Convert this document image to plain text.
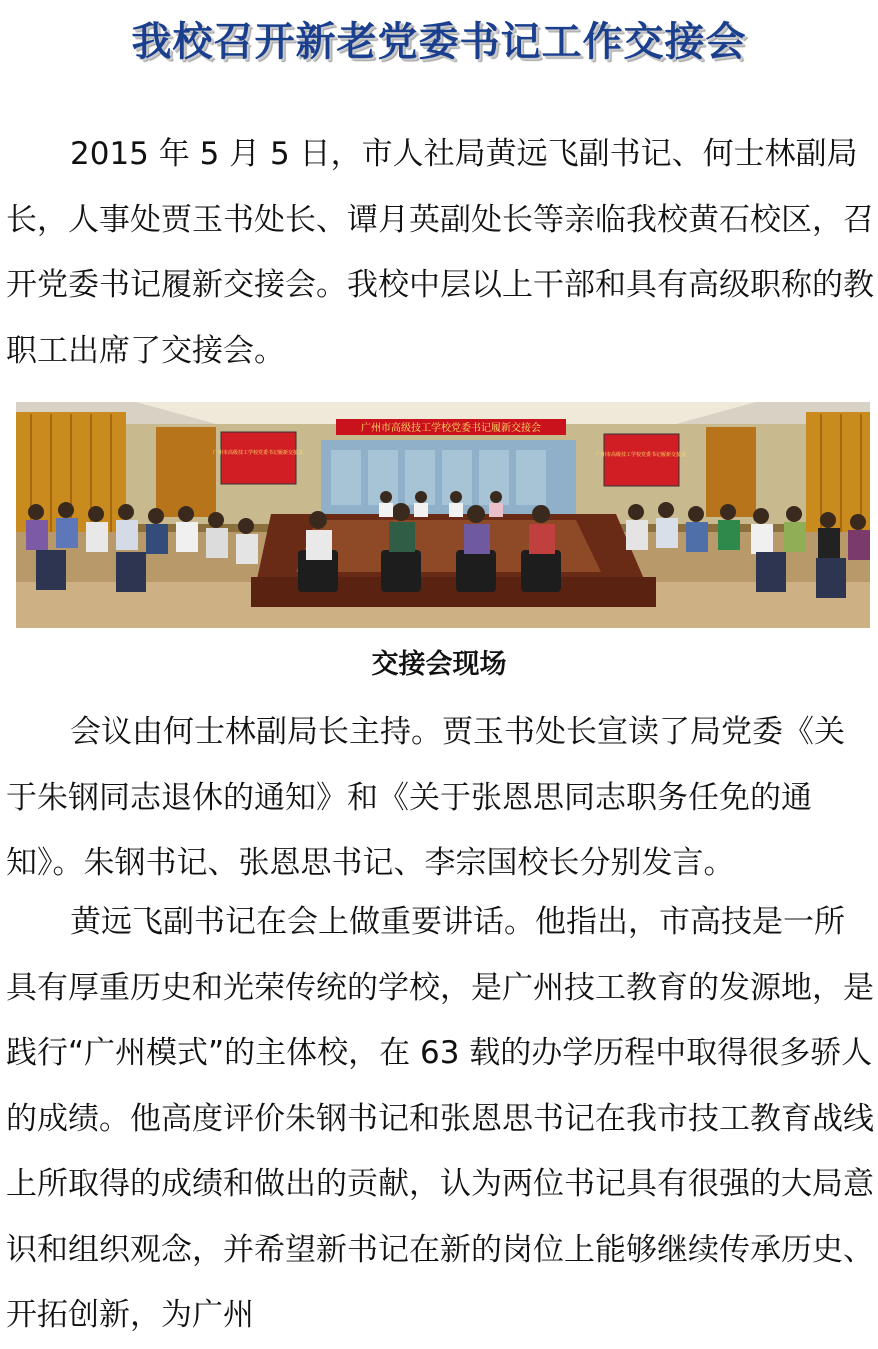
我校召开新老党委书记工作交接会

2015 年 5 月 5 日，市人社局黄远飞副书记、何士林副局长，人事处贾玉书处长、谭月英副处长等亲临我校黄石校区，召开党委书记履新交接会。我校中层以上干部和具有高级职称的教职工出席了交接会。

广州市高级技工学校党委书记履新交接会
广州市高级技工学校党委书记履新交接会	广州市高级技工学校党委书记履新交接会
交接会现场

会议由何士林副局长主持。贾玉书处长宣读了局党委《关于朱钢同志退休的通知》和《关于张恩思同志职务任免的通知》。朱钢书记、张恩思书记、李宗国校长分别发言。

黄远飞副书记在会上做重要讲话。他指出，市高技是一所具有厚重历史和光荣传统的学校，是广州技工教育的发源地，是践行“广州模式”的主体校，在 63 载的办学历程中取得很多骄人的成绩。他高度评价朱钢书记和张恩思书记在我市技工教育战线上所取得的成绩和做出的贡献，认为两位书记具有很强的大局意识和组织观念，并希望新书记在新的岗位上能够继续传承历史、开拓创新，为广州
